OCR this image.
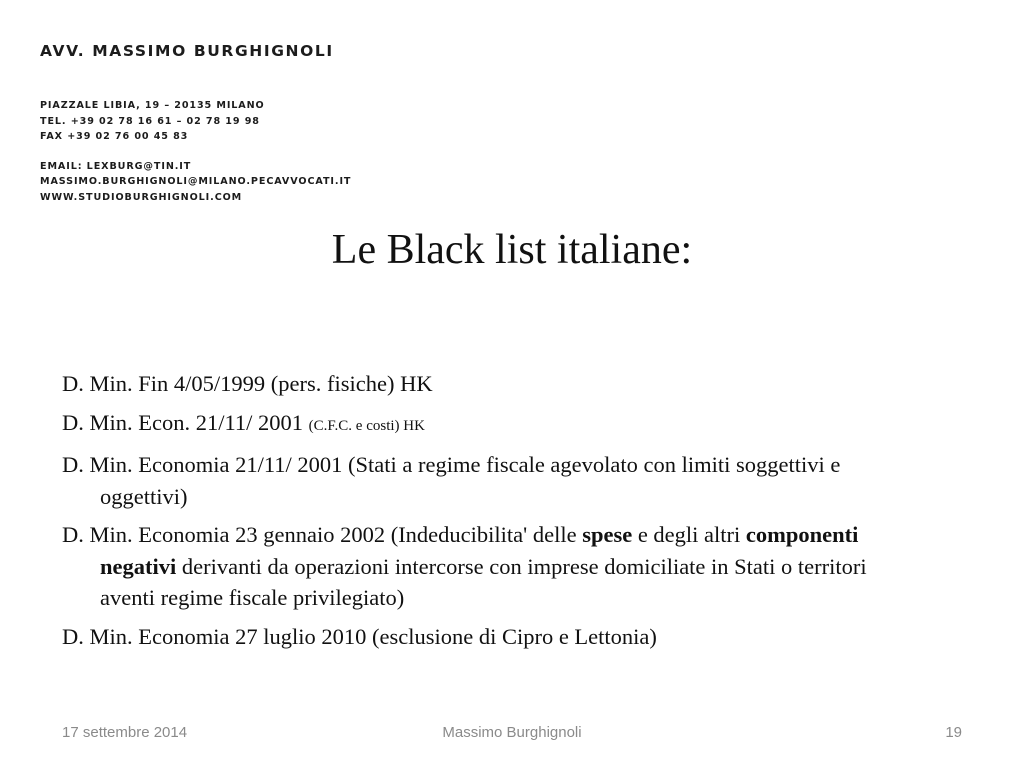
AVV. MASSIMO BURGHIGNOLI
PIAZZALE LIBIA, 19 – 20135 MILANO
TEL. +39 02 78 16 61 – 02 78 19 98
FAX +39 02 76 00 45 83
EMAIL: LEXBURG@TIN.IT
MASSIMO.BURGHIGNOLI@MILANO.PECAVVOCATI.IT
WWW.STUDIOBURGHIGNOLI.COM
Le Black list italiane:
D. Min. Fin 4/05/1999 (pers. fisiche) HK
D. Min. Econ. 21/11/ 2001 (C.F.C. e costi) HK
D. Min. Economia 21/11/ 2001 (Stati a regime fiscale agevolato con limiti soggettivi e oggettivi)
D. Min. Economia 23 gennaio 2002 (Indeducibilita' delle spese e degli altri componenti negativi derivanti da operazioni intercorse con imprese domiciliate in Stati o territori aventi regime fiscale privilegiato)
D. Min. Economia 27 luglio 2010 (esclusione di Cipro e Lettonia)
17 settembre 2014	Massimo Burghignoli	19
